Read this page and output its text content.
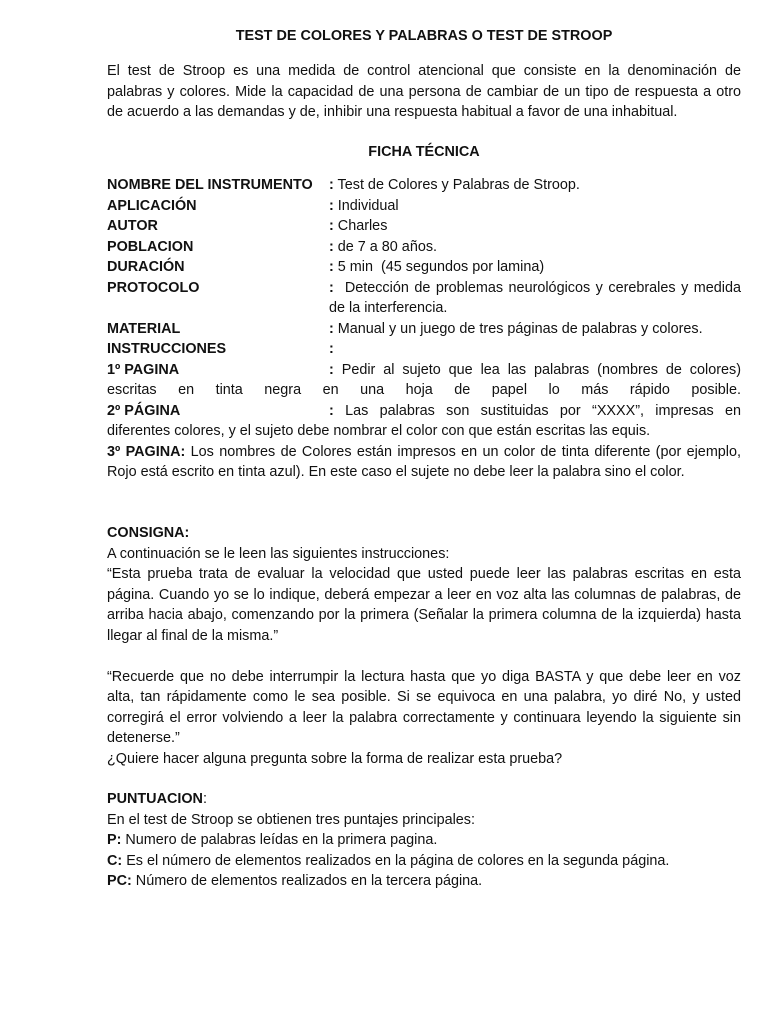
TEST DE COLORES Y PALABRAS O TEST DE STROOP

El test de Stroop es una medida de control atencional que consiste en la denominación de palabras y colores. Mide la capacidad de una persona de cambiar de un tipo de respuesta a otro de acuerdo a las demandas y de, inhibir una respuesta habitual a favor de una inhabitual.

FICHA TÉCNICA
NOMBRE DEL INSTRUMENTO	: Test de Colores y Palabras de Stroop.
APLICACIÓN	: Individual
AUTOR	: Charles
POBLACION	: de 7 a 80 años.
DURACIÓN	: 5 min  (45 segundos por lamina)
PROTOCOLO	: Detección de problemas neurológicos y cerebrales y medida de la interferencia.
MATERIAL	: Manual y un juego de tres páginas de palabras y colores.
INSTRUCCIONES	:
1º PAGINA	: Pedir al sujeto que lea las palabras (nombres de colores)
escritas en tinta negra en una hoja de papel lo más rápido posible.
2º PÁGINA	: Las palabras son sustituidas por “XXXX”, impresas en
diferentes colores, y el sujeto debe nombrar el color con que están escritas las equis.
3º PAGINA: Los nombres de Colores están impresos en un color de tinta diferente (por ejemplo, Rojo está escrito en tinta azul). En este caso el sujete no debe leer la palabra sino el color.
CONSIGNA:

A continuación se le leen las siguientes instrucciones:

“Esta prueba trata de evaluar la velocidad que usted puede leer las palabras escritas en esta página. Cuando yo se lo indique, deberá empezar a leer en voz alta las columnas de palabras, de arriba hacia abajo, comenzando por la primera (Señalar la primera columna de la izquierda) hasta llegar al final de la misma.”

“Recuerde que no debe interrumpir la lectura hasta que yo diga BASTA y que debe leer en voz alta, tan rápidamente como le sea posible. Si se equivoca en una palabra, yo diré No, y usted corregirá el error volviendo a leer la palabra correctamente y continuara leyendo la siguiente sin detenerse.”

¿Quiere hacer alguna pregunta sobre la forma de realizar esta prueba?

PUNTUACION:
En el test de Stroop se obtienen tres puntajes principales:
P: Numero de palabras leídas en la primera pagina.
C: Es el número de elementos realizados en la página de colores en la segunda página.
PC: Número de elementos realizados en la tercera página.
